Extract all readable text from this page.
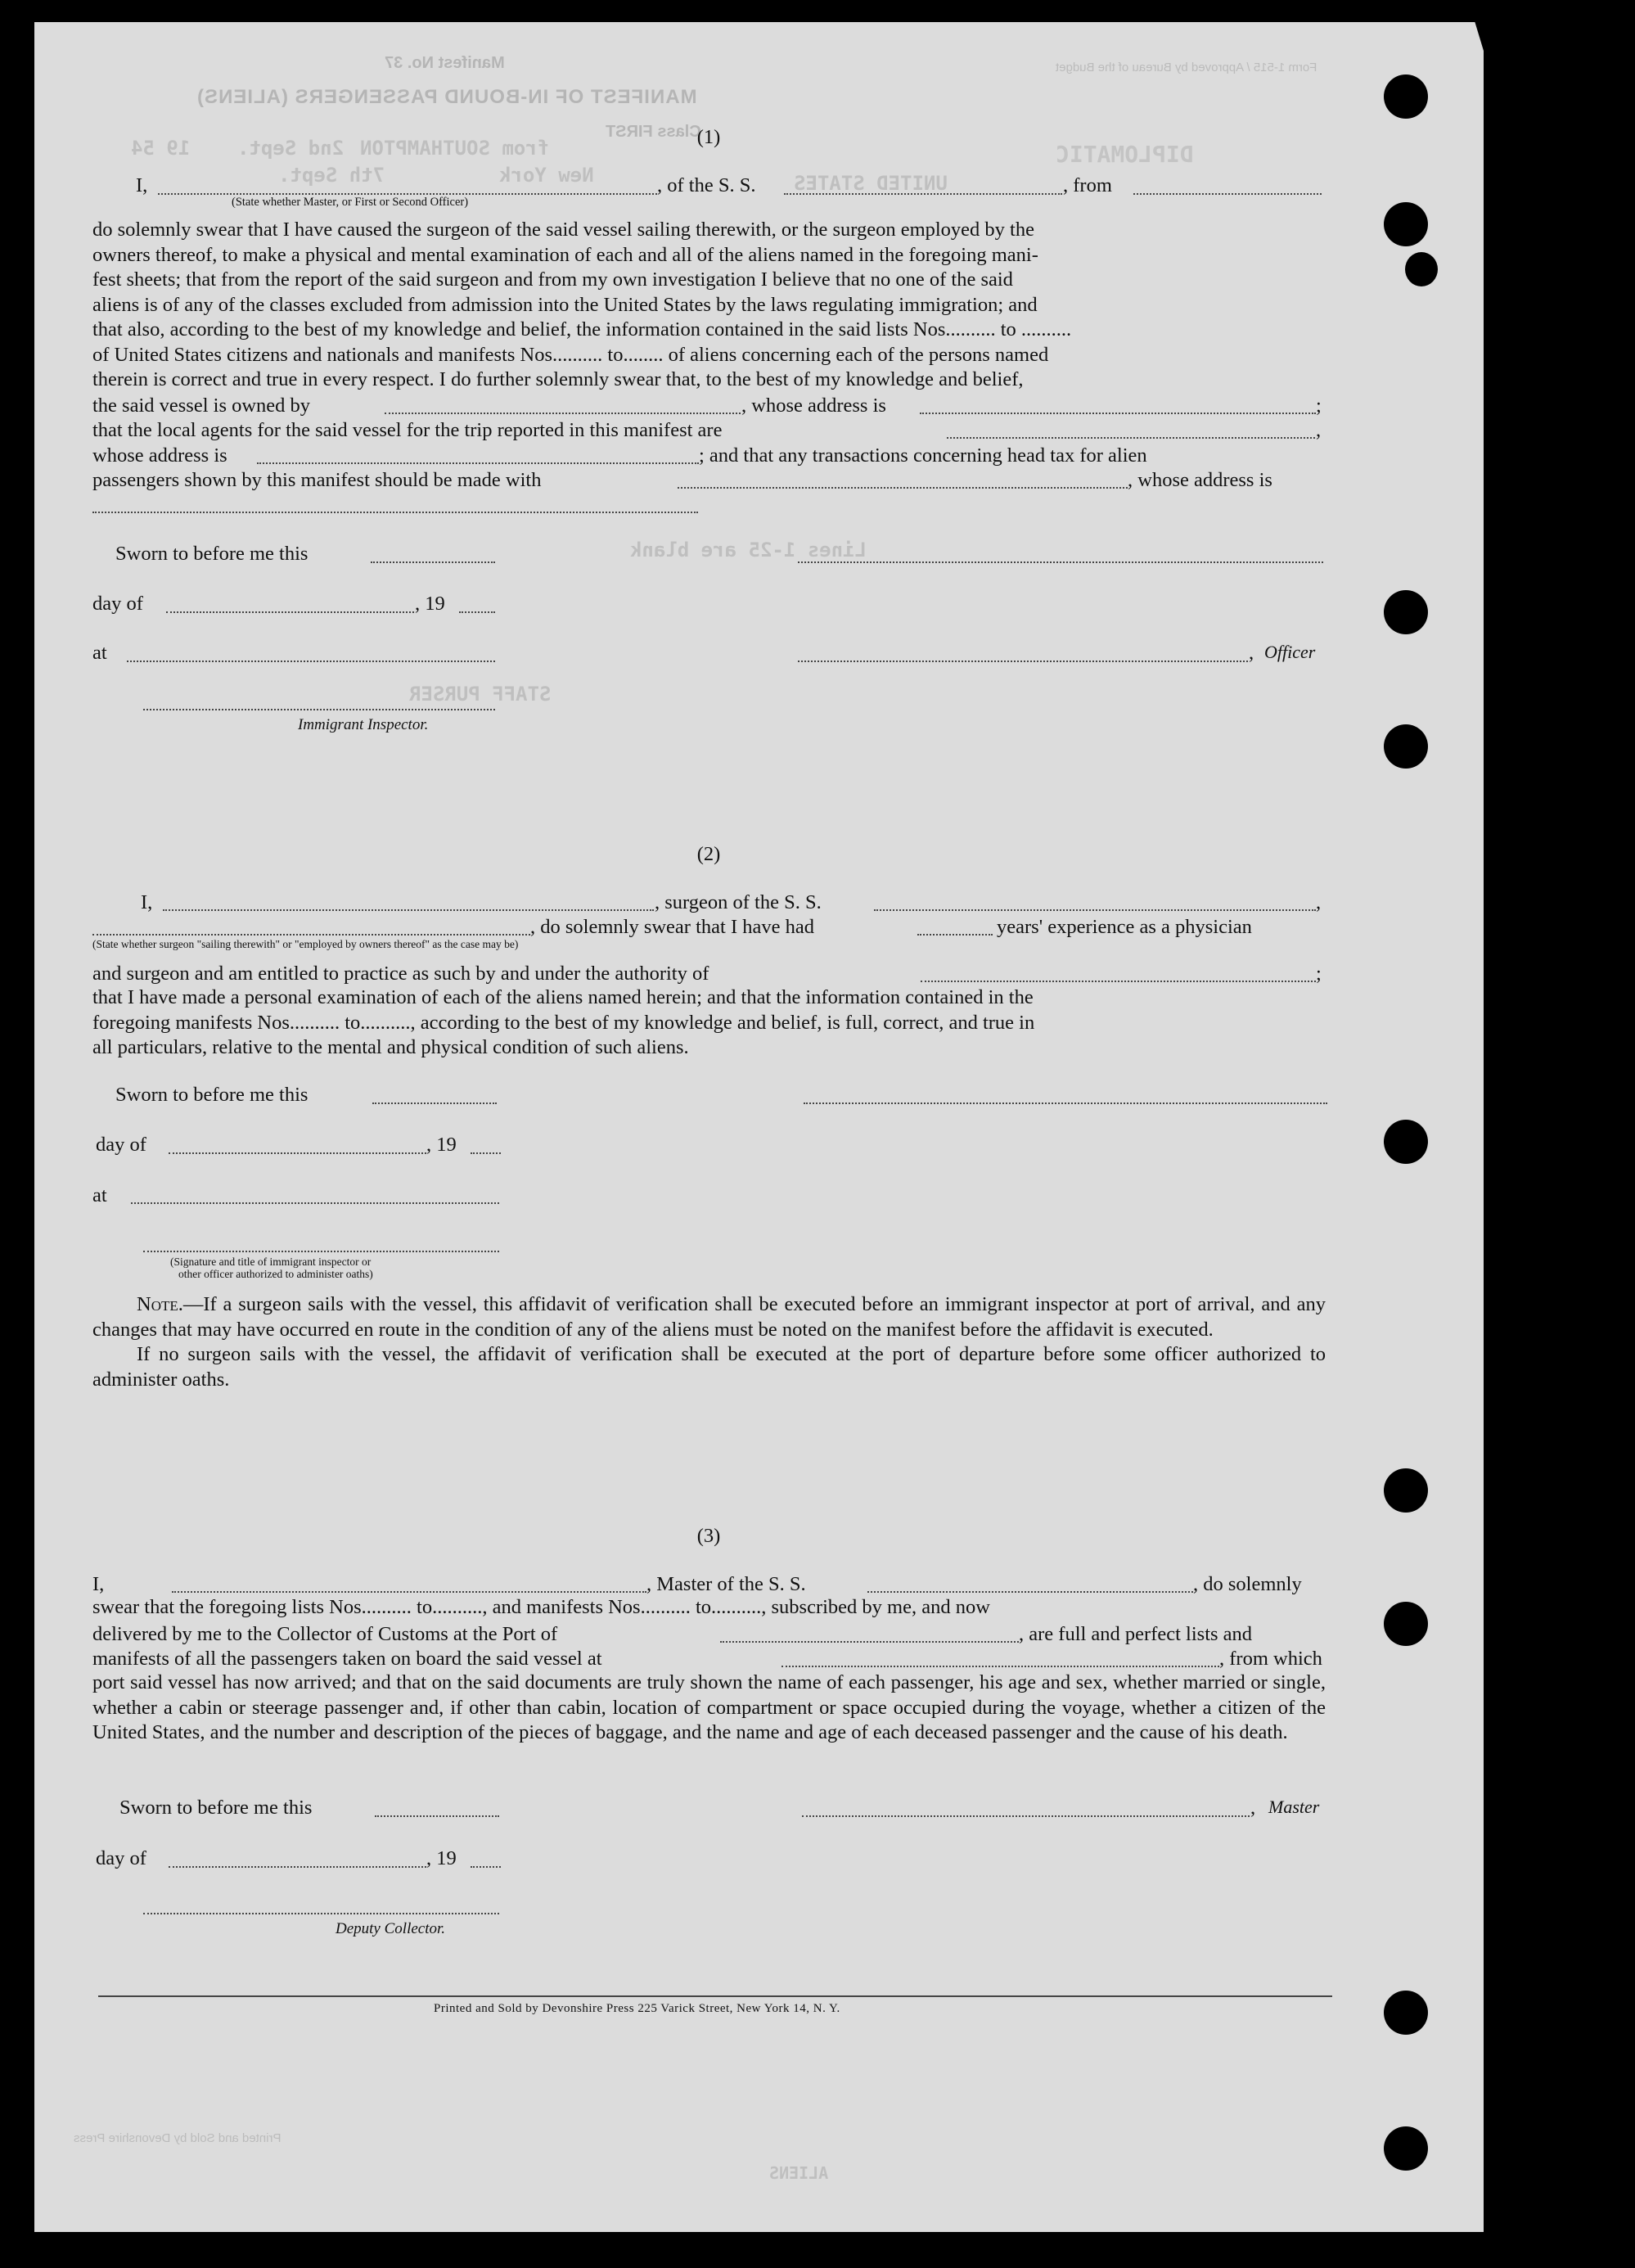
Manifest No. 37
MANIFEST OF IN-BOUND PASSENGERS (ALIENS)
Class FIRST
from SOUTHAMPTON
2nd Sept.
19 54
New York
7th Sept.
DIPLOMATIC
UNITED STATES
Lines 1-25 are blank
STAFF PURSER
Form 1-515 / Approved by Bureau of the Budget
Printed and Sold by Devonshire Press
ALIENS
(1)
I,	, of the S. S.	, from
(State whether Master, or First or Second Officer)

do solemnly swear that I have caused the surgeon of the said vessel sailing therewith, or the surgeon employed by the

owners thereof, to make a physical and mental examination of each and all of the aliens named in the foregoing mani-

fest sheets; that from the report of the said surgeon and from my own investigation I believe that no one of the said

aliens is of any of the classes excluded from admission into the United States by the laws regulating immigration; and

that also, according to the best of my knowledge and belief, the information contained in the said lists Nos.......... to ..........

of United States citizens and nationals and manifests Nos.......... to........ of aliens concerning each of the persons named

therein is correct and true in every respect. I do further solemnly swear that, to the best of my knowledge and belief,

the said vessel is owned by	, whose address is	;
that the local agents for the said vessel for the trip reported in this manifest are	,
whose address is	; and that any transactions concerning head tax for alien
passengers shown by this manifest should be made with	, whose address is
Sworn to before me this
day of	, 19
at	, Officer
Immigrant Inspector.
(2)
I,	, surgeon of the S. S.	,
, do solemnly swear that I have had	years' experience as a physician
(State whether surgeon "sailing therewith" or "employed by owners thereof" as the case may be)
and surgeon and am entitled to practice as such by and under the authority of	;

that I have made a personal examination of each of the aliens named herein; and that the information contained in the

foregoing manifests Nos.......... to.........., according to the best of my knowledge and belief, is full, correct, and true in

all particulars, relative to the mental and physical condition of such aliens.

Sworn to before me this
day of	, 19
at
(Signature and title of immigrant inspector or
other officer authorized to administer oaths)

Note.—If a surgeon sails with the vessel, this affidavit of verification shall be executed before an immigrant inspector at port of arrival, and any changes that may have occurred en route in the condition of any of the aliens must be noted on the manifest before the affidavit is executed.

If no surgeon sails with the vessel, the affidavit of verification shall be executed at the port of departure before some officer authorized to administer oaths.

(3)
I,	, Master of the S. S.	, do solemnly

swear that the foregoing lists Nos.......... to.........., and manifests Nos.......... to.........., subscribed by me, and now

delivered by me to the Collector of Customs at the Port of	, are full and perfect lists and
manifests of all the passengers taken on board the said vessel at	, from which

port said vessel has now arrived; and that on the said documents are truly shown the name of each passenger, his age and sex, whether married or single, whether a cabin or steerage passenger and, if other than cabin, location of compartment or space occupied during the voyage, whether a citizen of the United States, and the number and description of the pieces of baggage, and the name and age of each deceased passenger and the cause of his death.

Sworn to before me this	, Master
day of	, 19
Deputy Collector.
Printed and Sold by Devonshire Press 225 Varick Street, New York 14, N. Y.
